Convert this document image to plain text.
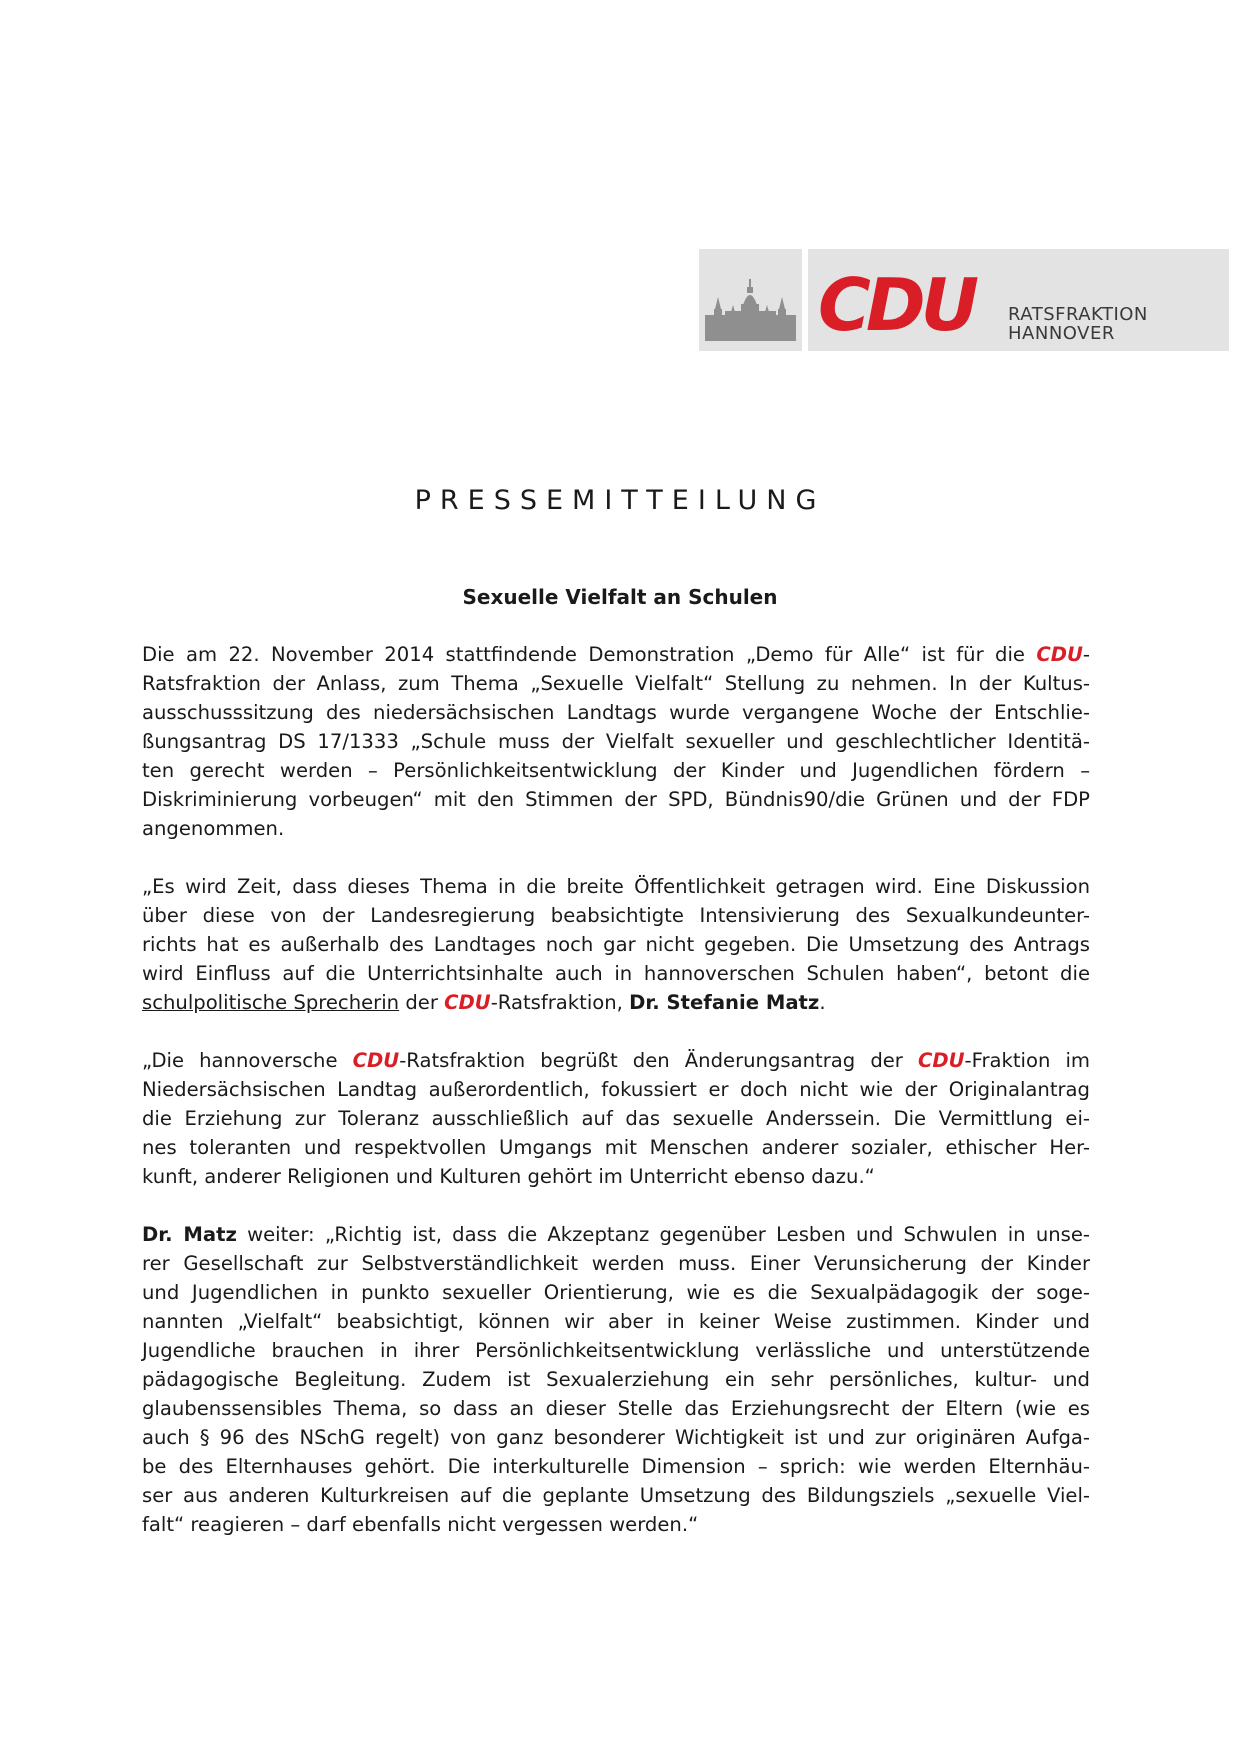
CDU RATSFRAKTION
HANNOVER
PRESSEMITTEILUNG
Sexuelle Vielfalt an Schulen
Die am 22. November 2014 stattfindende Demonstration „Demo für Alle“ ist für die CDU-
Ratsfraktion der Anlass, zum Thema „Sexuelle Vielfalt“ Stellung zu nehmen. In der Kultus-
ausschusssitzung des niedersächsischen Landtags wurde vergangene Woche der Entschlie-
ßungsantrag DS 17/1333 „Schule muss der Vielfalt sexueller und geschlechtlicher Identitä-
ten gerecht werden – Persönlichkeitsentwicklung der Kinder und Jugendlichen fördern –
Diskriminierung vorbeugen“ mit den Stimmen der SPD, Bündnis90/die Grünen und der FDP
angenommen.
„Es wird Zeit, dass dieses Thema in die breite Öffentlichkeit getragen wird. Eine Diskussion
über diese von der Landesregierung beabsichtigte Intensivierung des Sexualkundeunter-
richts hat es außerhalb des Landtages noch gar nicht gegeben. Die Umsetzung des Antrags
wird Einfluss auf die Unterrichtsinhalte auch in hannoverschen Schulen haben“, betont die
schulpolitische Sprecherin der CDU-Ratsfraktion, Dr. Stefanie Matz.
„Die hannoversche CDU-Ratsfraktion begrüßt den Änderungsantrag der CDU-Fraktion im
Niedersächsischen Landtag außerordentlich, fokussiert er doch nicht wie der Originalantrag
die Erziehung zur Toleranz ausschließlich auf das sexuelle Anderssein. Die Vermittlung ei-
nes toleranten und respektvollen Umgangs mit Menschen anderer sozialer, ethischer Her-
kunft, anderer Religionen und Kulturen gehört im Unterricht ebenso dazu.“
Dr. Matz weiter: „Richtig ist, dass die Akzeptanz gegenüber Lesben und Schwulen in unse-
rer Gesellschaft zur Selbstverständlichkeit werden muss. Einer Verunsicherung der Kinder
und Jugendlichen in punkto sexueller Orientierung, wie es die Sexualpädagogik der soge-
nannten „Vielfalt“ beabsichtigt, können wir aber in keiner Weise zustimmen. Kinder und
Jugendliche brauchen in ihrer Persönlichkeitsentwicklung verlässliche und unterstützende
pädagogische Begleitung. Zudem ist Sexualerziehung ein sehr persönliches, kultur- und
glaubenssensibles Thema, so dass an dieser Stelle das Erziehungsrecht der Eltern (wie es
auch § 96 des NSchG regelt) von ganz besonderer Wichtigkeit ist und zur originären Aufga-
be des Elternhauses gehört. Die interkulturelle Dimension – sprich: wie werden Elternhäu-
ser aus anderen Kulturkreisen auf die geplante Umsetzung des Bildungsziels „sexuelle Viel-
falt“ reagieren – darf ebenfalls nicht vergessen werden.“
